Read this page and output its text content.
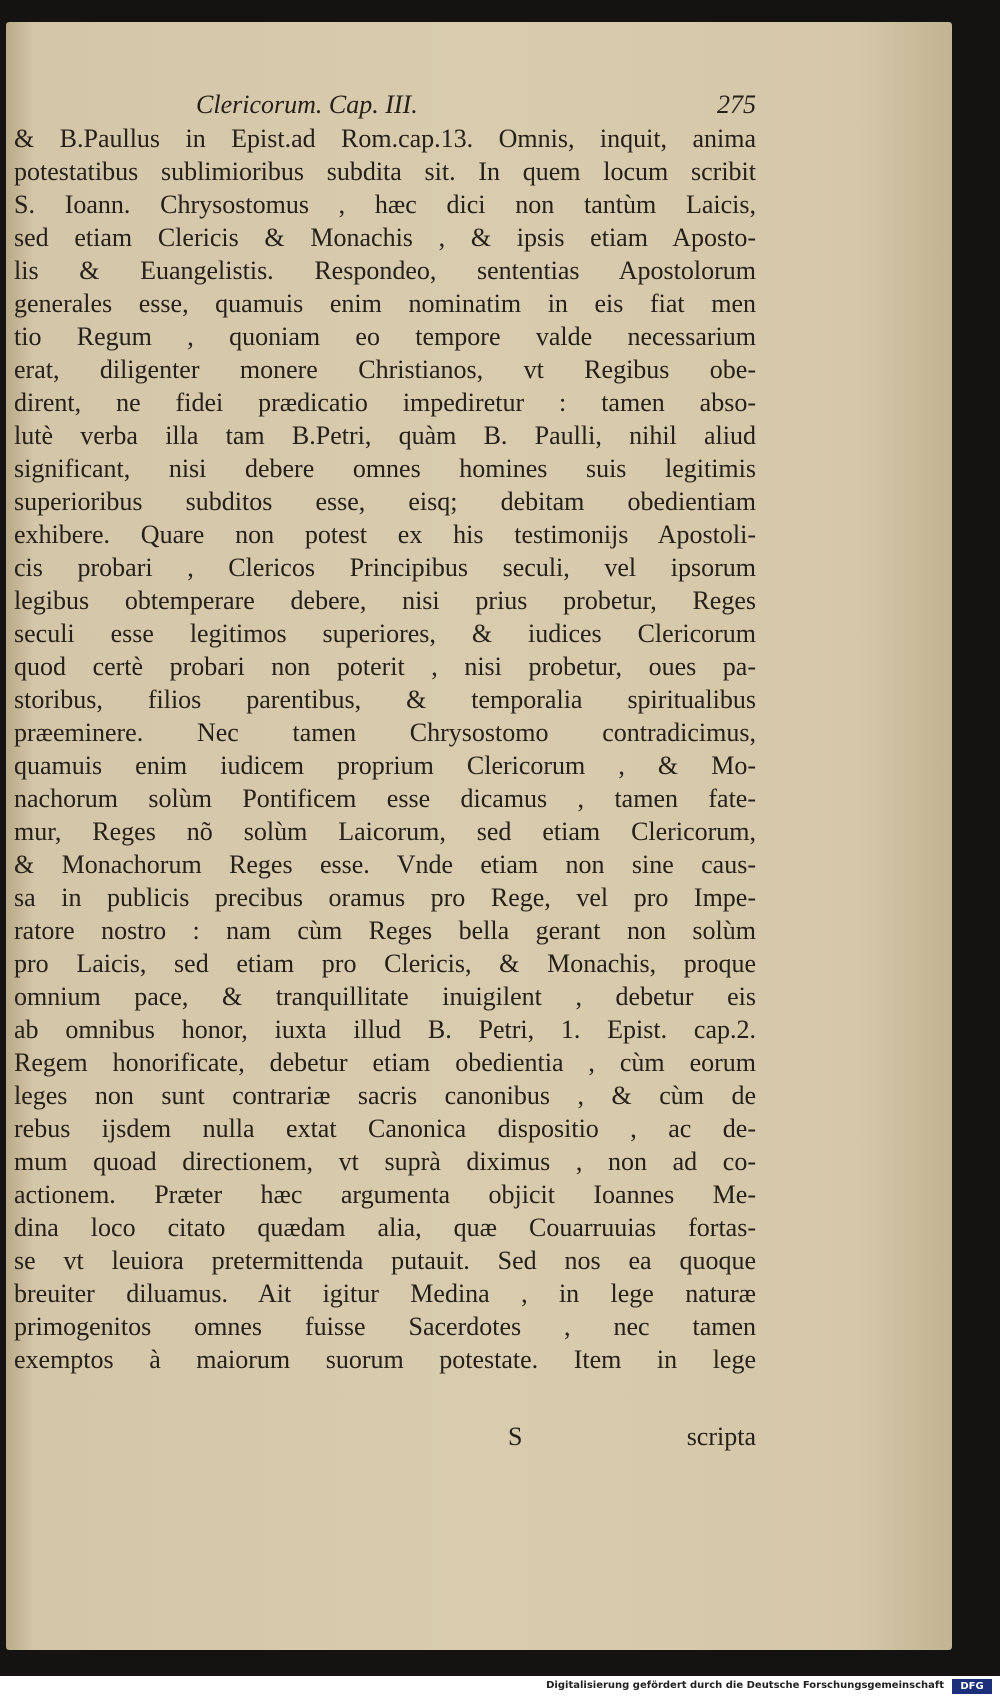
Clericorum. Cap. III.	275
& B.Paullus in Epist.ad Rom.cap.13. Omnis, inquit, anima
potestatibus sublimioribus subdita sit. In quem locum scribit
S. Ioann. Chrysostomus , hæc dici non tantùm Laicis,
sed etiam Clericis & Monachis , & ipsis etiam Aposto-
lis & Euangelistis. Respondeo, sententias Apostolorum
generales esse, quamuis enim nominatim in eis fiat men
tio Regum , quoniam eo tempore valde necessarium
erat, diligenter monere Christianos, vt Regibus obe-
dirent, ne fidei prædicatio impediretur : tamen abso-
lutè verba illa tam B.Petri, quàm B. Paulli, nihil aliud
significant, nisi debere omnes homines suis legitimis
superioribus subditos esse, eisq; debitam obedientiam
exhibere. Quare non potest ex his testimonijs Apostoli-
cis probari , Clericos Principibus seculi, vel ipsorum
legibus obtemperare debere, nisi prius probetur, Reges
seculi esse legitimos superiores, & iudices Clericorum
quod certè probari non poterit , nisi probetur, oues pa-
storibus, filios parentibus, & temporalia spiritualibus
præeminere. Nec tamen Chrysostomo contradicimus,
quamuis enim iudicem proprium Clericorum , & Mo-
nachorum solùm Pontificem esse dicamus , tamen fate-
mur, Reges nõ solùm Laicorum, sed etiam Clericorum,
& Monachorum Reges esse. Vnde etiam non sine caus-
sa in publicis precibus oramus pro Rege, vel pro Impe-
ratore nostro : nam cùm Reges bella gerant non solùm
pro Laicis, sed etiam pro Clericis, & Monachis, proque
omnium pace, & tranquillitate inuigilent , debetur eis
ab omnibus honor, iuxta illud B. Petri, 1. Epist. cap.2.
Regem honorificate, debetur etiam obedientia , cùm eorum
leges non sunt contrariæ sacris canonibus , & cùm de
rebus ijsdem nulla extat Canonica dispositio , ac de-
mum quoad directionem, vt suprà diximus , non ad co-
actionem. Præter hæc argumenta objicit Ioannes Me-
dina loco citato quædam alia, quæ Couarruuias fortas-
se vt leuiora pretermittenda putauit. Sed nos ea quoque
breuiter diluamus. Ait igitur Medina , in lege naturæ
primogenitos omnes fuisse Sacerdotes , nec tamen
exemptos à maiorum suorum potestate. Item in lege
S	scripta
Digitalisierung gefördert durch die Deutsche Forschungsgemeinschaft	DFG
